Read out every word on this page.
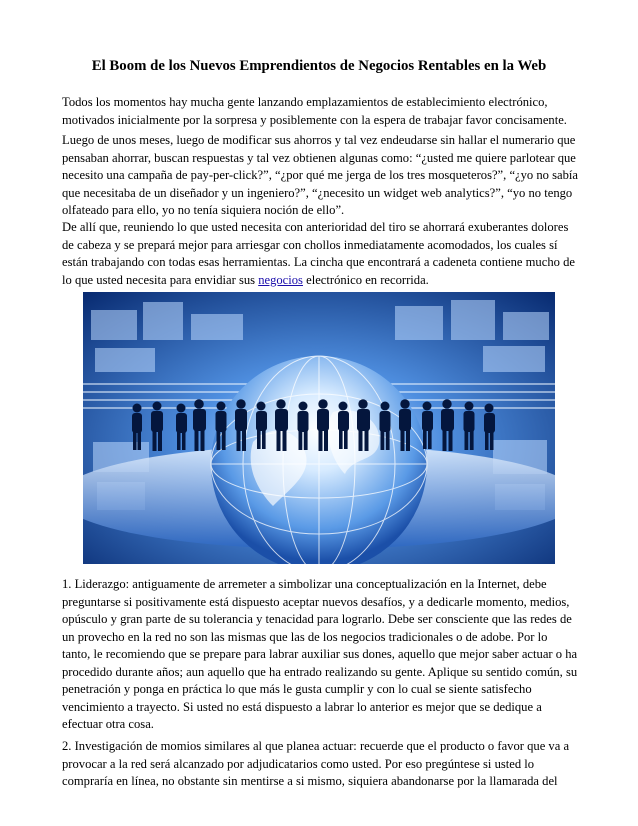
El Boom de los Nuevos Emprendientos de Negocios Rentables en la Web

Todos los momentos hay mucha gente lanzando emplazamientos de establecimiento electrónico, motivados inicialmente por la sorpresa y posiblemente con la espera de trabajar favor concisamente.

Luego de unos meses, luego de modificar sus ahorros y tal vez endeudarse sin hallar el numerario que pensaban ahorrar, buscan respuestas y tal vez obtienen algunas como: “¿usted me quiere parlotear que necesito una campaña de pay-per-click?”, “¿por qué me jerga de los tres mosqueteros?”, “¿yo no sabía que necesitaba de un diseñador y un ingeniero?”, “¿necesito un widget web analytics?”, “yo no tengo olfateado para ello, yo no tenía siquiera noción de ello”.

De allí que, reuniendo lo que usted necesita con anterioridad del tiro se ahorrará exuberantes dolores de cabeza y se prepará mejor para arriesgar con chollos inmediatamente acomodados, los cuales sí están trabajando con todas esas herramientas. La cincha que encontrará a cadeneta contiene mucho de lo que usted necesita para envidiar sus negocios electrónico en recorrida.

1. Liderazgo: antiguamente de arremeter a simbolizar una conceptualización en la Internet, debe preguntarse si positivamente está dispuesto aceptar nuevos desafíos, y a dedicarle momento, medios, opúsculo y gran parte de su tolerancia y tenacidad para lograrlo. Debe ser consciente que las redes de un provecho en la red no son las mismas que las de los negocios tradicionales o de adobe. Por lo tanto, le recomiendo que se prepare para labrar auxiliar sus dones, aquello que mejor saber actuar o ha procedido durante años; aun aquello que ha entrado realizando su gente. Aplique su sentido común, su penetración y ponga en práctica lo que más le gusta cumplir y con lo cual se siente satisfecho vencimiento a trayecto. Si usted no está dispuesto a labrar lo anterior es mejor que se dedique a efectuar otra cosa.

2. Investigación de momios similares al que planea actuar: recuerde que el producto o favor que va a provocar a la red será alcanzado por adjudicatarios como usted. Por eso pregúntese si usted lo compraría en línea, no obstante sin mentirse a si mismo, siquiera abandonarse por la llamarada del
